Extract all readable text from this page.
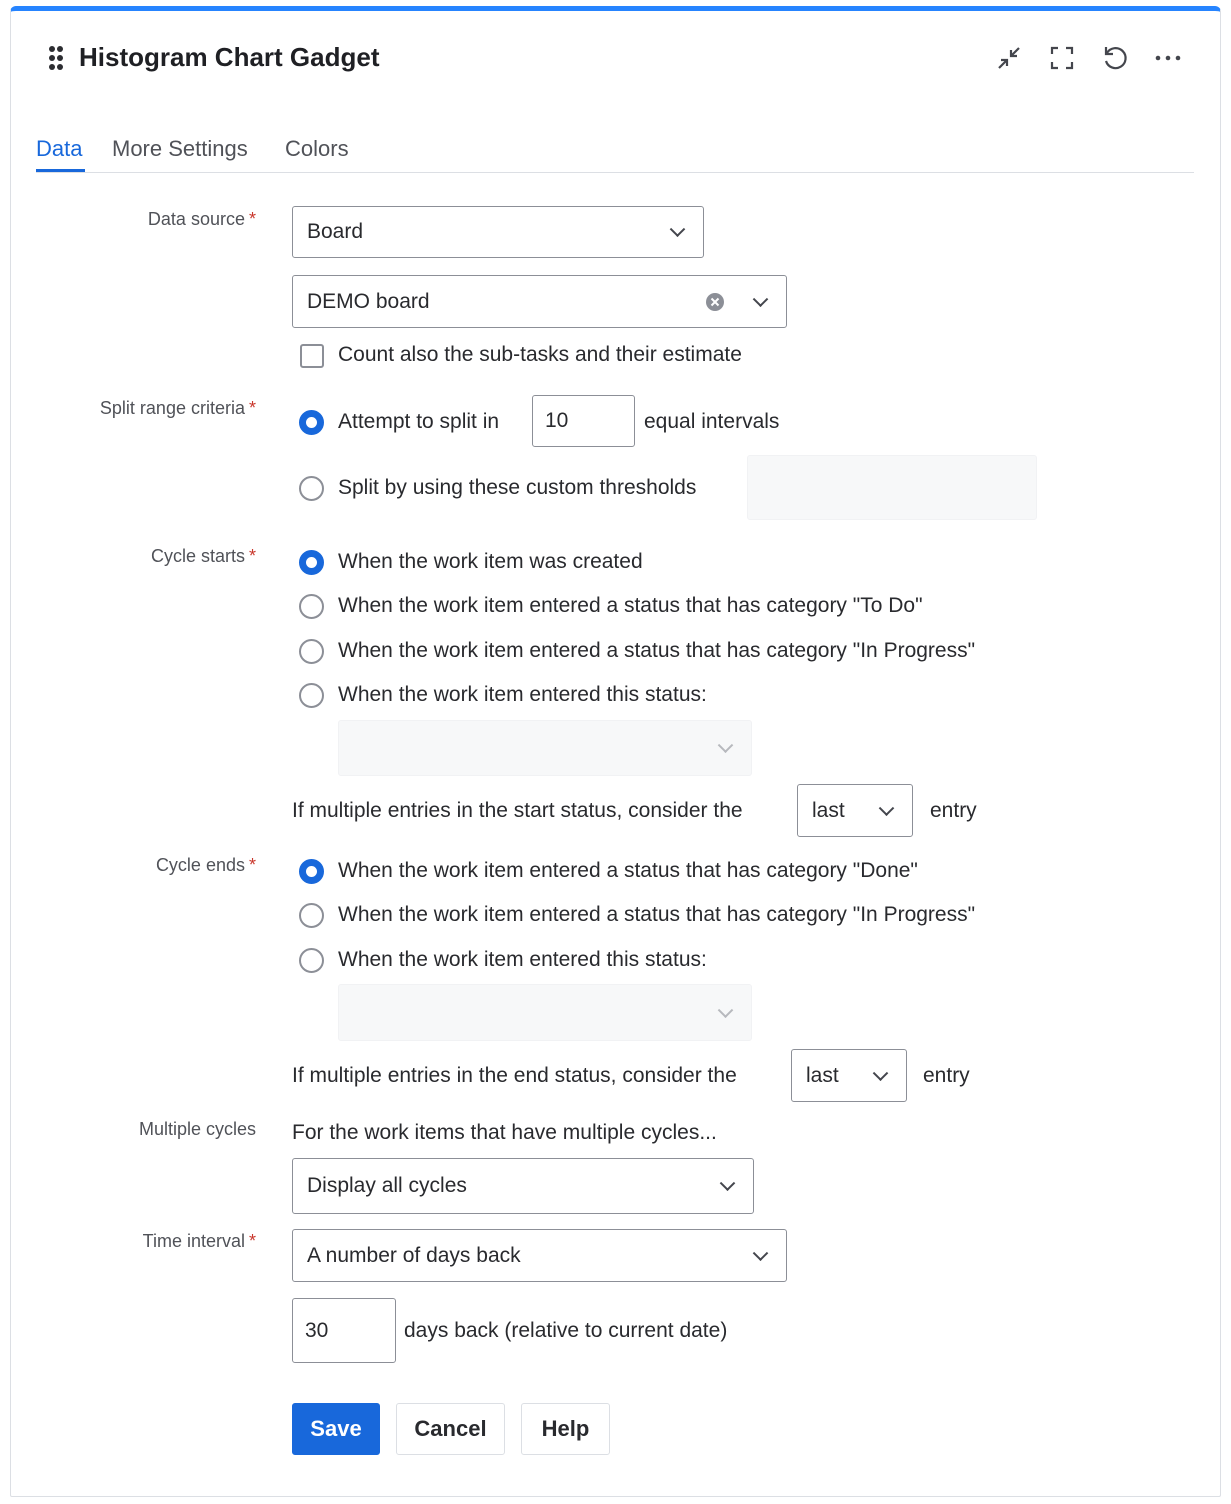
Histogram Chart Gadget
Data More Settings Colors
Data source *
Board
DEMO board
Count also the sub-tasks and their estimate
Split range criteria *
Attempt to split in	10	equal intervals
Split by using these custom thresholds
Cycle starts *	When the work item was created
When the work item entered a status that has category "To Do"
When the work item entered a status that has category "In Progress"
When the work item entered this status:
If multiple entries in the start status, consider the	last	entry
Cycle ends *	When the work item entered a status that has category "Done"
When the work item entered a status that has category "In Progress"
When the work item entered this status:
If multiple entries in the end status, consider the	last	entry
Multiple cycles For the work items that have multiple cycles...
Display all cycles
Time interval *
A number of days back
30	days back (relative to current date)
Save	Cancel	Help
